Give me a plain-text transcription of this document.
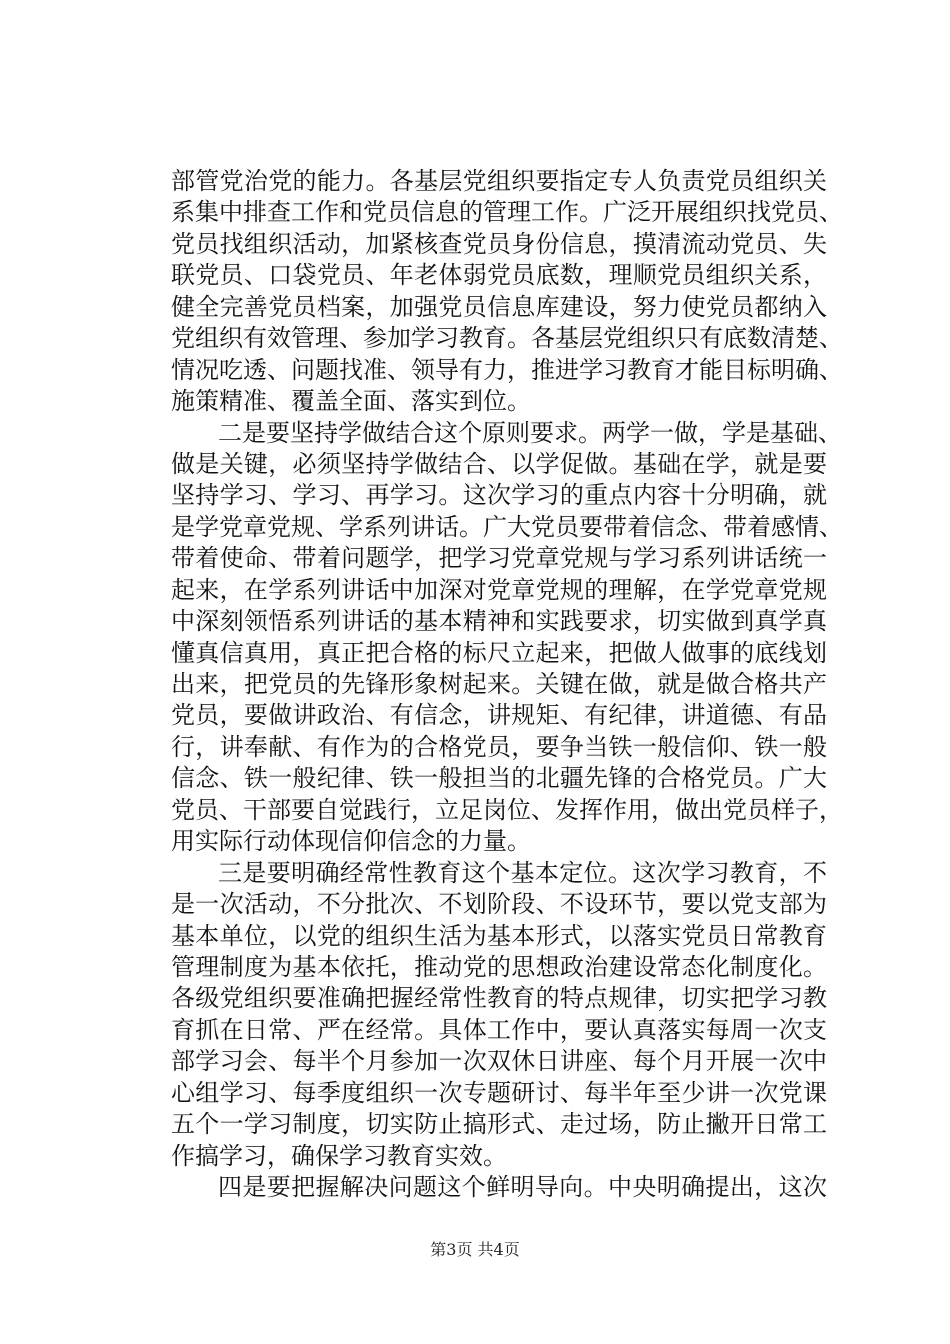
部管党治党的能力。各基层党组织要指定专人负责党员组织关
系集中排查工作和党员信息的管理工作。广泛开展组织找党员、
党员找组织活动，加紧核查党员身份信息，摸清流动党员、失
联党员、口袋党员、年老体弱党员底数，理顺党员组织关系，
健全完善党员档案，加强党员信息库建设，努力使党员都纳入
党组织有效管理、参加学习教育。各基层党组织只有底数清楚、
情况吃透、问题找准、领导有力，推进学习教育才能目标明确、
施策精准、覆盖全面、落实到位。
二是要坚持学做结合这个原则要求。两学一做，学是基础、
做是关键，必须坚持学做结合、以学促做。基础在学，就是要
坚持学习、学习、再学习。这次学习的重点内容十分明确，就
是学党章党规、学系列讲话。广大党员要带着信念、带着感情、
带着使命、带着问题学，把学习党章党规与学习系列讲话统一
起来，在学系列讲话中加深对党章党规的理解，在学党章党规
中深刻领悟系列讲话的基本精神和实践要求，切实做到真学真
懂真信真用，真正把合格的标尺立起来，把做人做事的底线划
出来，把党员的先锋形象树起来。关键在做，就是做合格共产
党员，要做讲政治、有信念，讲规矩、有纪律，讲道德、有品
行，讲奉献、有作为的合格党员，要争当铁一般信仰、铁一般
信念、铁一般纪律、铁一般担当的北疆先锋的合格党员。广大
党员、干部要自觉践行，立足岗位、发挥作用，做出党员样子，
用实际行动体现信仰信念的力量。
三是要明确经常性教育这个基本定位。这次学习教育，不
是一次活动，不分批次、不划阶段、不设环节，要以党支部为
基本单位，以党的组织生活为基本形式，以落实党员日常教育
管理制度为基本依托，推动党的思想政治建设常态化制度化。
各级党组织要准确把握经常性教育的特点规律，切实把学习教
育抓在日常、严在经常。具体工作中，要认真落实每周一次支
部学习会、每半个月参加一次双休日讲座、每个月开展一次中
心组学习、每季度组织一次专题研讨、每半年至少讲一次党课
五个一学习制度，切实防止搞形式、走过场，防止撇开日常工
作搞学习，确保学习教育实效。
四是要把握解决问题这个鲜明导向。中央明确提出，这次
第3页 共4页
